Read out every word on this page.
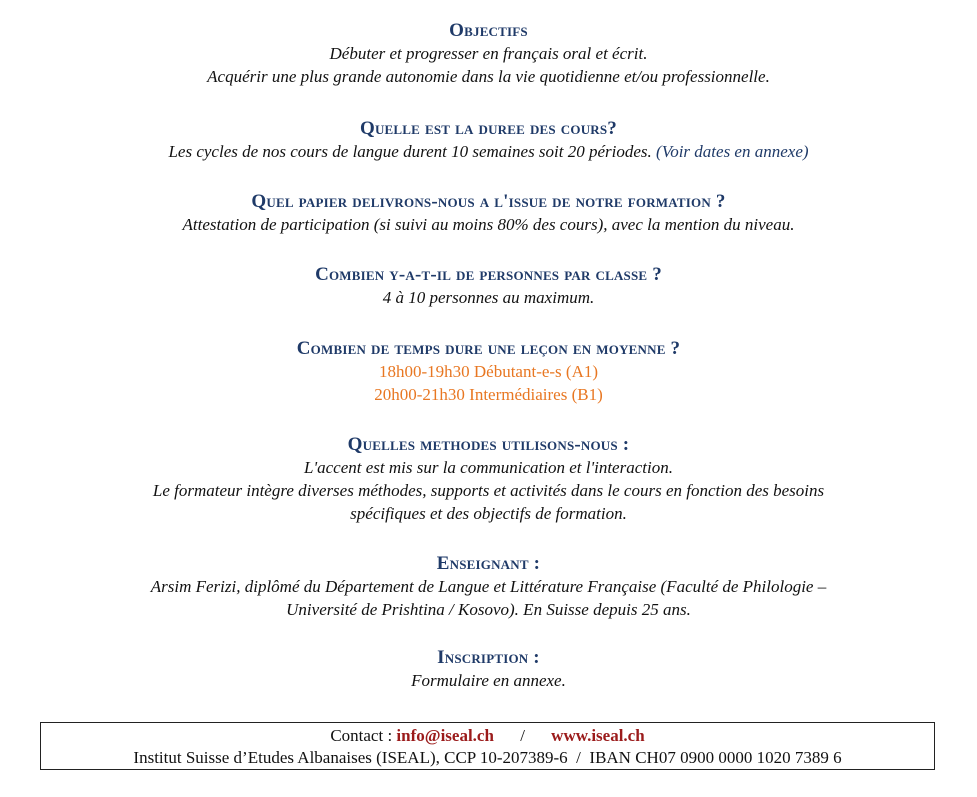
Objectifs

Débuter et progresser en français oral et écrit.

Acquérir une plus grande autonomie dans la vie quotidienne et/ou professionnelle.

Quelle est la duree des cours?

Les cycles de nos cours de langue durent 10 semaines soit 20 périodes. (Voir dates en annexe)

Quel papier delivrons-nous a l'issue de notre formation ?

Attestation de participation (si suivi au moins 80% des cours), avec la mention du niveau.

Combien y-a-t-il de personnes par classe ?

4 à 10 personnes au maximum.

Combien de temps dure une leçon en moyenne ?

18h00-19h30 Débutant-e-s (A1)

20h00-21h30 Intermédiaires (B1)

Quelles methodes utilisons-nous :

L'accent est mis sur la communication et l'interaction.

Le formateur intègre diverses méthodes, supports et activités dans le cours en fonction des besoins

spécifiques et des objectifs de formation.

Enseignant :

Arsim Ferizi, diplômé du Département de Langue et Littérature Française (Faculté de Philologie –

Université de Prishtina / Kosovo). En Suisse depuis 25 ans.

Inscription :

Formulaire en annexe.

Contact : info@iseal.ch / www.iseal.ch
Institut Suisse d’Etudes Albanaises (ISEAL), CCP 10-207389-6  /  IBAN CH07 0900 0000 1020 7389 6
